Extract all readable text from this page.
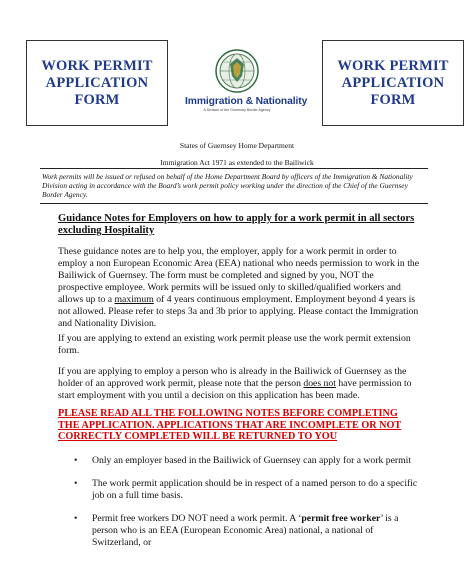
WORK PERMIT
APPLICATION
FORM	Immigration & Nationality
A Division of the Guernsey Border Agency
WORK PERMIT
APPLICATION
FORM
States of Guernsey Home Department
Immigration Act 1971 as extended to the Bailiwick
Work permits will be issued or refused on behalf of the Home Department Board by officers of the Immigration & Nationality Division acting in accordance with the Board’s work permit policy working under the direction of the Chief of the Guernsey Border Agency.
Guidance Notes for Employers on how to apply for a work permit in all sectors excluding Hospitality
These guidance notes are to help you, the employer, apply for a work permit in order to employ a non European Economic Area (EEA) national who needs permission to work in the Bailiwick of Guernsey. The form must be completed and signed by you, NOT the prospective employee. Work permits will be issued only to skilled/qualified workers and allows up to a maximum of 4 years continuous employment. Employment beyond 4 years is not allowed. Please refer to steps 3a and 3b prior to applying. Please contact the Immigration and Nationality Division.
If you are applying to extend an existing work permit please use the work permit extension form.
If you are applying to employ a person who is already in the Bailiwick of Guernsey as the holder of an approved work permit, please note that the person does not have permission to start employment with you until a decision on this application has been made.
PLEASE READ ALL THE FOLLOWING NOTES BEFORE COMPLETING THE APPLICATION. APPLICATIONS THAT ARE INCOMPLETE OR NOT CORRECTLY COMPLETED WILL BE RETURNED TO YOU
• Only an employer based in the Bailiwick of Guernsey can apply for a work permit
• The work permit application should be in respect of a named person to do a specific job on a full time basis.
• Permit free workers DO NOT need a work permit. A ‘permit free worker’ is a person who is an EEA (European Economic Area) national, a national of Switzerland, or
